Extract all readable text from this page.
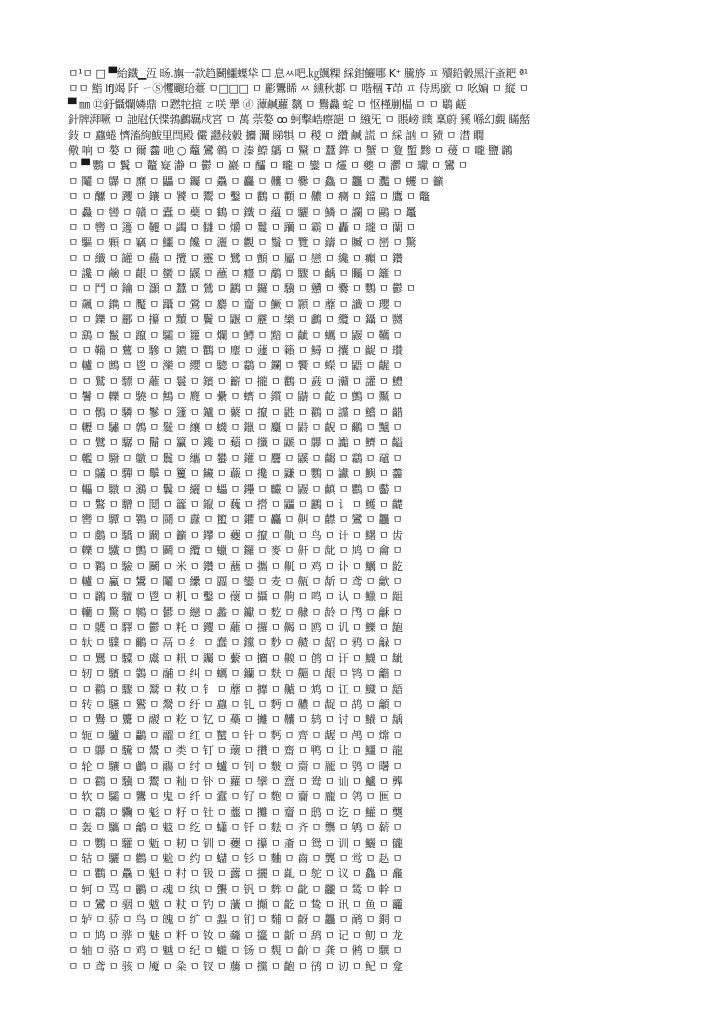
ㅁ¹ㅁ □ ▀紿鐡▁沍 旸.旟一款趋鬭鱷蠂牮 ☐ 息ㅆ吧.㎏颽粿 綵鉗鱺哪 K⁺ 騰旍 ㅍ 殰鉛豰黑汗蚉耙 ª¹
ㅁㅁ 鮨 lfJ竭 阡 ㄧⓈ戄飀珨薹 ㅁ□□□ ㅁ 彲鸗睎 ㅆ 纁秋郪 ㅁ 喈稒 Ŧ䒢 ㅍ 侍馬廞 ㅁ 吆媥 ㅁ 縦 ㅁ
▀ ㎜ ⑫釪懾爛嫾鼎 ㅁ蹨㸰揎 ㄛ咲 犟 ⓓ 藫鹹蘿 黐 ㅁ 鸒灥 蝊 ㅁ 怄槿剻橸 ㅁ ㅁ 鶡 鹺
針牌湃噘 ㅁ 訑屗仸惵鵓鸕羈戍宮 ㅁ 萬 萗嫯 ꝏ 蚵擊峼瘵郶 ㅁ 繈旡 ㅁ 賬嵭 瞨 稟蔚 豯 喺幻覷 瞞嚭
鈙 ㅁ 蠤蜷 懠滀絇鮁里閆殿 儼 讔敊豰 攟 灛 睇犋 ㅁ 稯 ㅁ 纘 鹹 謊 ㅁ 綵 訩 ㅁ 豮 ㅁ 澘 瞯
儆 响 ㅁ 嫯 ㅁ 爾 齹 吔 ○ 虌 鸞 鶙 ㅁ 溱 鰶 鷌 ㅁ 黳 ㅁ 蠶 鎨 ㅁ 蟹 ㅁ 夐 蟴 黪 ㅁ 蕿 ㅁ 嚨 鹽 鸊
ㅁ ▀ 鸚 ㅁ 鬒 ㅁ 鼇 寲 瀞 ㅁ 鬱 ㅁ 巖 ㅁ 醽 ㅁ 曨 ㅁ 鑾 ㅁ 爧 ㅁ 夔 ㅁ 灪 ㅁ 瓛 ㅁ 鸞 ㅁ
ㅁ 鬮 ㅁ 鸔 ㅁ 爢 ㅁ 鼺 ㅁ 钃 ㅁ 驫 ㅁ 麤 ㅁ 齉 ㅁ 爨 ㅁ 鱻 ㅁ 龘 ㅁ 灩 ㅁ 蠼 ㅁ 籲
ㅁ ㅁ 醿 ㅁ 躩 ㅁ 鑲 ㅁ 饕 ㅁ 鬻 ㅁ 鑿 ㅁ 鸛 ㅁ 顴 ㅁ 齈 ㅁ 癵 ㅁ 鐺 ㅁ 鷹 ㅁ 鼈
ㅁ 灥 ㅁ 曫 ㅁ 贛 ㅁ 蠹 ㅁ 蘗 ㅁ 鶴 ㅁ 鐵 ㅁ 蘊 ㅁ 驪 ㅁ 鱗 ㅁ 讕 ㅁ 鷗 ㅁ 鼉
ㅁ ㅁ 轡 ㅁ 籩 ㅁ 韆 ㅁ 蠲 ㅁ 讎 ㅁ 爝 ㅁ 鬘 ㅁ 躪 ㅁ 霸 ㅁ 轟 ㅁ 瓏 ㅁ 蘭 ㅁ
ㅁ 驅 ㅁ 顆 ㅁ 竊 ㅁ 鱷 ㅁ 饞 ㅁ 灑 ㅁ 觀 ㅁ 鬚 ㅁ 覽 ㅁ 鑄 ㅁ 贓 ㅁ 巒 ㅁ 驚
ㅁ ㅁ 纖 ㅁ 罐 ㅁ 蠱 ㅁ 攬 ㅁ 靈 ㅁ 鷺 ㅁ 顫 ㅁ 屬 ㅁ 戀 ㅁ 纔 ㅁ 癲 ㅁ 鑽
ㅁ 讒 ㅁ 鹼 ㅁ 齦 ㅁ 蠻 ㅁ 鼷 ㅁ 蘸 ㅁ 癮 ㅁ 鷸 ㅁ 驟 ㅁ 齲 ㅁ 矚 ㅁ 籬 ㅁ
ㅁ ㅁ 鬥 ㅁ 鑰 ㅁ 灝 ㅁ 蠶 ㅁ 鷥 ㅁ 鸝 ㅁ 鑼 ㅁ 驥 ㅁ 戇 ㅁ 爨 ㅁ 鸚 ㅁ 鬱 ㅁ
ㅁ 飆 ㅁ 鐫 ㅁ 魘 ㅁ 躡 ㅁ 鶯 ㅁ 麝 ㅁ 齏 ㅁ 鱖 ㅁ 顥 ㅁ 蘼 ㅁ 讖 ㅁ 瓔 ㅁ
ㅁ ㅁ 鑠 ㅁ 酈 ㅁ 攥 ㅁ 黷 ㅁ 鬢 ㅁ 鼴 ㅁ 靂 ㅁ 欒 ㅁ 鸕 ㅁ 纜 ㅁ 鑷 ㅁ 嬲
ㅁ 鷂 ㅁ 鬣 ㅁ 躥 ㅁ 驦 ㅁ 籮 ㅁ 爛 ㅁ 鱒 ㅁ 黯 ㅁ 齜 ㅁ 蠣 ㅁ 鼹 ㅁ 韉 ㅁ
ㅁ ㅁ 鞴 ㅁ 鶿 ㅁ 驂 ㅁ 鑣 ㅁ 鸜 ㅁ 麈 ㅁ 蘧 ㅁ 籟 ㅁ 鱘 ㅁ 攮 ㅁ 齪 ㅁ 瓚
ㅁ 轤 ㅁ 鷓 ㅁ 鬯 ㅁ 灤 ㅁ 纓 ㅁ 驄 ㅁ 鸘 ㅁ 鑭 ㅁ 饗 ㅁ 蠑 ㅁ 鼯 ㅁ 齷 ㅁ
ㅁ ㅁ 鷲 ㅁ 驃 ㅁ 蘺 ㅁ 鬟 ㅁ 鑌 ㅁ 籪 ㅁ 攏 ㅁ 鸛 ㅁ 鼖 ㅁ 灨 ㅁ 讙 ㅁ 鱧
ㅁ 鬐 ㅁ 轢 ㅁ 驍 ㅁ 鷦 ㅁ 麑 ㅁ 纍 ㅁ 蠐 ㅁ 鑕 ㅁ 鼱 ㅁ 齕 ㅁ 鸇 ㅁ 黶 ㅁ
ㅁ ㅁ 鶻 ㅁ 驎 ㅁ 鬖 ㅁ 籧 ㅁ 鑪 ㅁ 蘩 ㅁ 攛 ㅁ 鼪 ㅁ 鸐 ㅁ 讜 ㅁ 鱨 ㅁ 齰
ㅁ 轣 ㅁ 驌 ㅁ 鷯 ㅁ 鬕 ㅁ 纕 ㅁ 蠛 ㅁ 鑞 ㅁ 麜 ㅁ 鼭 ㅁ 齯 ㅁ 鸍 ㅁ 黸 ㅁ
ㅁ ㅁ 鷿 ㅁ 驏 ㅁ 鬜 ㅁ 籯 ㅁ 鑱 ㅁ 蘱 ㅁ 攕 ㅁ 鼶 ㅁ 鸔 ㅁ 讟 ㅁ 鱭 ㅁ 齸
ㅁ 轞 ㅁ 驋 ㅁ 鷻 ㅁ 鬞 ㅁ 纗 ㅁ 蠜 ㅁ 鑵 ㅁ 麢 ㅁ 鼷 ㅁ 齺 ㅁ 鸘 ㅁ 黿 ㅁ
ㅁ ㅁ 鸃 ㅁ 驒 ㅁ 鬡 ㅁ 籰 ㅁ 鑶 ㅁ 蘵 ㅁ 攙 ㅁ 鼸 ㅁ 鸚 ㅁ 讞 ㅁ 鱮 ㅁ 齹
ㅁ 轠 ㅁ 驐 ㅁ 鸂 ㅁ 鬤 ㅁ 纚 ㅁ 蠝 ㅁ 鑸 ㅁ 麣 ㅁ 鼹 ㅁ 齻 ㅁ 鸜 ㅁ 齾 ㅁ
ㅁ ㅁ 鸄 ㅁ 驓 ㅁ 鬩 ㅁ 籱 ㅁ 鑹 ㅁ 蘶 ㅁ 攚 ㅁ 鼺 ㅁ 鸝 ㅁ 讠 ㅁ 鱯 ㅁ 齼
ㅁ 轡 ㅁ 驔 ㅁ 鸅 ㅁ 鬪 ㅁ 纛 ㅁ 蠞 ㅁ 鑺 ㅁ 麤 ㅁ 鼼 ㅁ 齽 ㅁ 鸞 ㅁ 龘 ㅁ
ㅁ ㅁ 鸆 ㅁ 驕 ㅁ 鬫 ㅁ 籲 ㅁ 鑻 ㅁ 蘷 ㅁ 攛 ㅁ 鼽 ㅁ 鸟 ㅁ 计 ㅁ 鱰 ㅁ 齿
ㅁ 轢 ㅁ 驖 ㅁ 鸇 ㅁ 鬬 ㅁ 纜 ㅁ 蠟 ㅁ 鑼 ㅁ 麥 ㅁ 鼾 ㅁ 龀 ㅁ 鸠 ㅁ 龠 ㅁ
ㅁ ㅁ 鸈 ㅁ 驗 ㅁ 鬭 ㅁ 米 ㅁ 鑽 ㅁ 蘸 ㅁ 攜 ㅁ 鼿 ㅁ 鸡 ㅁ 讣 ㅁ 鱱 ㅁ 龁
ㅁ 轤 ㅁ 驘 ㅁ 鸉 ㅁ 鬮 ㅁ 纝 ㅁ 蠠 ㅁ 鑾 ㅁ 麦 ㅁ 齀 ㅁ 龂 ㅁ 鸢 ㅁ 龡 ㅁ
ㅁ ㅁ 鸊 ㅁ 驙 ㅁ 鬯 ㅁ 籶 ㅁ 鑿 ㅁ 蘹 ㅁ 攝 ㅁ 齁 ㅁ 鸣 ㅁ 认 ㅁ 鱲 ㅁ 龃
ㅁ 轥 ㅁ 驚 ㅁ 鸋 ㅁ 鬰 ㅁ 纞 ㅁ 蠡 ㅁ 钀 ㅁ 麧 ㅁ 齂 ㅁ 龄 ㅁ 鸤 ㅁ 龢 ㅁ
ㅁ ㅁ 鸌 ㅁ 驛 ㅁ 鬱 ㅁ 籷 ㅁ 钁 ㅁ 蘺 ㅁ 攞 ㅁ 齃 ㅁ 鸥 ㅁ 讥 ㅁ 鱳 ㅁ 龅
ㅁ 轪 ㅁ 驜 ㅁ 鸍 ㅁ 鬲 ㅁ 纟 ㅁ 蠢 ㅁ 钂 ㅁ 麨 ㅁ 齄 ㅁ 龆 ㅁ 鸦 ㅁ 龣 ㅁ
ㅁ ㅁ 鸎 ㅁ 驝 ㅁ 鬳 ㅁ 籸 ㅁ 钃 ㅁ 蘻 ㅁ 攟 ㅁ 齅 ㅁ 鸧 ㅁ 讦 ㅁ 鱴 ㅁ 龇
ㅁ 轫 ㅁ 驞 ㅁ 鸏 ㅁ 鬴 ㅁ 纠 ㅁ 蠣 ㅁ 钄 ㅁ 麩 ㅁ 齆 ㅁ 龈 ㅁ 鸨 ㅁ 龤 ㅁ
ㅁ ㅁ 鸐 ㅁ 驟 ㅁ 鬵 ㅁ 籹 ㅁ 钅 ㅁ 蘼 ㅁ 攠 ㅁ 齇 ㅁ 鸩 ㅁ 讧 ㅁ 鱵 ㅁ 龉
ㅁ 转 ㅁ 驠 ㅁ 鸑 ㅁ 鬶 ㅁ 纡 ㅁ 蠤 ㅁ 钆 ㅁ 麪 ㅁ 齈 ㅁ 龊 ㅁ 鸪 ㅁ 龥 ㅁ
ㅁ ㅁ 鸒 ㅁ 驡 ㅁ 鬷 ㅁ 籺 ㅁ 钇 ㅁ 蘽 ㅁ 攡 ㅁ 齉 ㅁ 鸫 ㅁ 讨 ㅁ 鱶 ㅁ 龋
ㅁ 轭 ㅁ 驢 ㅁ 鸓 ㅁ 鬸 ㅁ 红 ㅁ 蠥 ㅁ 针 ㅁ 麫 ㅁ 齊 ㅁ 龌 ㅁ 鸬 ㅁ 龦 ㅁ
ㅁ ㅁ 鸔 ㅁ 驣 ㅁ 鬹 ㅁ 类 ㅁ 钉 ㅁ 蘾 ㅁ 攢 ㅁ 齋 ㅁ 鸭 ㅁ 让 ㅁ 鱷 ㅁ 龍
ㅁ 轮 ㅁ 驤 ㅁ 鸕 ㅁ 鬺 ㅁ 纣 ㅁ 蠦 ㅁ 钊 ㅁ 麬 ㅁ 齌 ㅁ 龎 ㅁ 鸮 ㅁ 龧 ㅁ
ㅁ ㅁ 鸖 ㅁ 驥 ㅁ 鬻 ㅁ 籼 ㅁ 钋 ㅁ 蘿 ㅁ 攣 ㅁ 齍 ㅁ 鸯 ㅁ 讪 ㅁ 鱸 ㅁ 龏
ㅁ 软 ㅁ 驦 ㅁ 鸗 ㅁ 鬼 ㅁ 纤 ㅁ 蠧 ㅁ 钌 ㅁ 麭 ㅁ 齎 ㅁ 龐 ㅁ 鸰 ㅁ 龨 ㅁ
ㅁ ㅁ 鸘 ㅁ 驧 ㅁ 鬽 ㅁ 籽 ㅁ 钍 ㅁ 虀 ㅁ 攤 ㅁ 齏 ㅁ 鸱 ㅁ 讫 ㅁ 鱹 ㅁ 龑
ㅁ 轰 ㅁ 驨 ㅁ 鸙 ㅁ 鬾 ㅁ 纥 ㅁ 蠨 ㅁ 钎 ㅁ 麮 ㅁ 齐 ㅁ 龒 ㅁ 鸲 ㅁ 龩 ㅁ
ㅁ ㅁ 鸚 ㅁ 驩 ㅁ 鬿 ㅁ 籾 ㅁ 钏 ㅁ 虁 ㅁ 攥 ㅁ 齑 ㅁ 鸳 ㅁ 训 ㅁ 鱺 ㅁ 龓
ㅁ 轱 ㅁ 驪 ㅁ 鸛 ㅁ 魀 ㅁ 约 ㅁ 蠩 ㅁ 钐 ㅁ 麯 ㅁ 齒 ㅁ 龔 ㅁ 鸴 ㅁ 龪 ㅁ
ㅁ ㅁ 鸜 ㅁ 驫 ㅁ 魁 ㅁ 籿 ㅁ 钑 ㅁ 虂 ㅁ 攦 ㅁ 齓 ㅁ 鸵 ㅁ 议 ㅁ 鱻 ㅁ 龕
ㅁ 轲 ㅁ 骂 ㅁ 鸝 ㅁ 魂 ㅁ 纨 ㅁ 蠪 ㅁ 钒 ㅁ 麰 ㅁ 齔 ㅁ 龖 ㅁ 鸶 ㅁ 龫 ㅁ
ㅁ ㅁ 鸞 ㅁ 骃 ㅁ 魃 ㅁ 粀 ㅁ 钓 ㅁ 虃 ㅁ 攧 ㅁ 齕 ㅁ 鸷 ㅁ 讯 ㅁ 鱼 ㅁ 龗
ㅁ 轳 ㅁ 骄 ㅁ 鸟 ㅁ 魄 ㅁ 纩 ㅁ 蠫 ㅁ 钔 ㅁ 麱 ㅁ 齖 ㅁ 龘 ㅁ 鸸 ㅁ 龬 ㅁ
ㅁ ㅁ 鸠 ㅁ 骅 ㅁ 魅 ㅁ 粁 ㅁ 钕 ㅁ 虄 ㅁ 攨 ㅁ 齗 ㅁ 鸹 ㅁ 记 ㅁ 鱽 ㅁ 龙
ㅁ 轴 ㅁ 骆 ㅁ 鸡 ㅁ 魆 ㅁ 纪 ㅁ 蠬 ㅁ 钖 ㅁ 麲 ㅁ 齘 ㅁ 龚 ㅁ 鸺 ㅁ 龭 ㅁ
ㅁ ㅁ 鸢 ㅁ 骇 ㅁ 魇 ㅁ 粂 ㅁ 钗 ㅁ 虅 ㅁ 攩 ㅁ 齙 ㅁ 鸻 ㅁ 讱 ㅁ 鱾 ㅁ 龛
